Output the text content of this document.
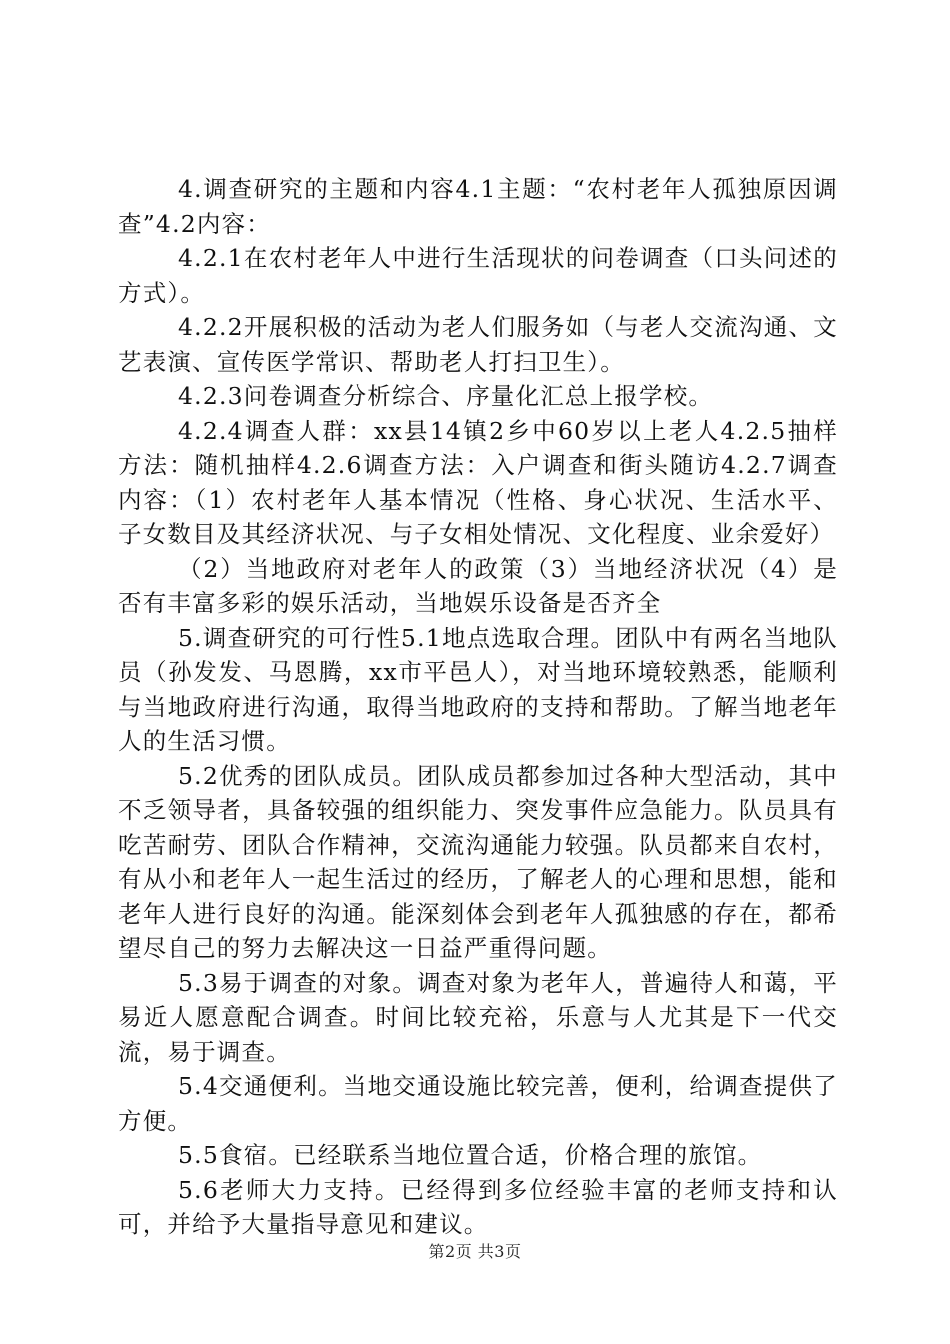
4.调查研究的主题和内容4.1主题：“农村老年人孤独原因调查”4.2内容：

4.2.1在农村老年人中进行生活现状的问卷调查（口头问述的方式）。

4.2.2开展积极的活动为老人们服务如（与老人交流沟通、文艺表演、宣传医学常识、帮助老人打扫卫生）。

4.2.3问卷调查分析综合、序量化汇总上报学校。

4.2.4调查人群：xx县14镇2乡中60岁以上老人4.2.5抽样方法：随机抽样4.2.6调查方法：入户调查和街头随访4.2.7调查内容：（1）农村老年人基本情况（性格、身心状况、生活水平、子女数目及其经济状况、与子女相处情况、文化程度、业余爱好）

（2）当地政府对老年人的政策（3）当地经济状况（4）是否有丰富多彩的娱乐活动，当地娱乐设备是否齐全

5.调查研究的可行性5.1地点选取合理。团队中有两名当地队员（孙发发、马恩腾，xx市平邑人），对当地环境较熟悉，能顺利与当地政府进行沟通，取得当地政府的支持和帮助。了解当地老年人的生活习惯。

5.2优秀的团队成员。团队成员都参加过各种大型活动，其中不乏领导者，具备较强的组织能力、突发事件应急能力。队员具有吃苦耐劳、团队合作精神，交流沟通能力较强。队员都来自农村，有从小和老年人一起生活过的经历，了解老人的心理和思想，能和老年人进行良好的沟通。能深刻体会到老年人孤独感的存在，都希望尽自己的努力去解决这一日益严重得问题。

5.3易于调查的对象。调查对象为老年人，普遍待人和蔼，平易近人愿意配合调查。时间比较充裕，乐意与人尤其是下一代交流，易于调查。

5.4交通便利。当地交通设施比较完善，便利，给调查提供了方便。

5.5食宿。已经联系当地位置合适，价格合理的旅馆。

5.6老师大力支持。已经得到多位经验丰富的老师支持和认可，并给予大量指导意见和建议。

第2页 共3页
